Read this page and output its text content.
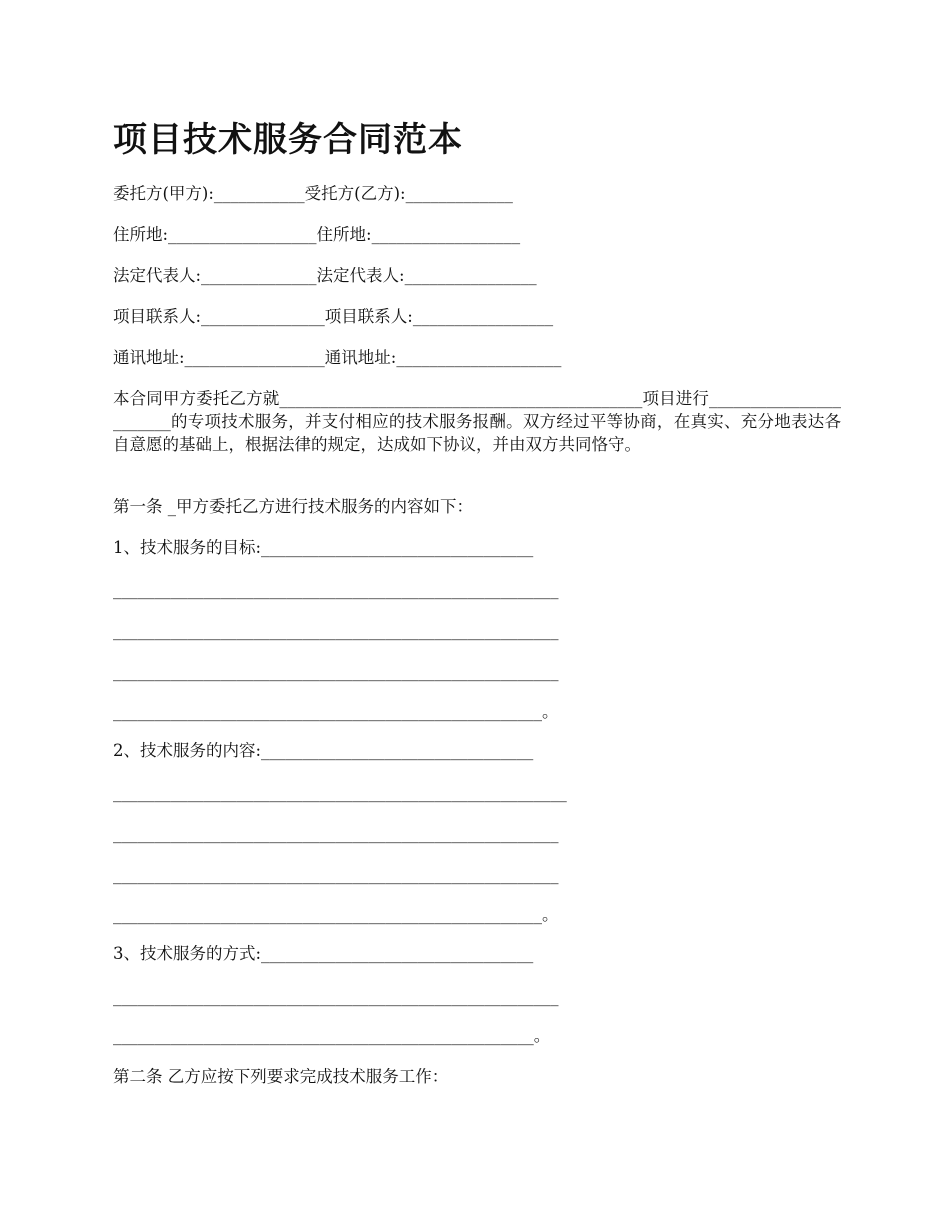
项目技术服务合同范本
委托方(甲方):___________受托方(乙方):_____________
住所地:__________________住所地:__________________
法定代表人:______________法定代表人:________________
项目联系人:_______________项目联系人:_________________
通讯地址:_________________通讯地址:____________________
本合同甲方委托乙方就____________________________________________项目进行_______________________的专项技术服务，并支付相应的技术服务报酬。双方经过平等协商，在真实、充分地表达各自意愿的基础上，根据法律的规定，达成如下协议，并由双方共同恪守。
第一条 _甲方委托乙方进行技术服务的内容如下：
1、技术服务的目标:_________________________________
______________________________________________________
______________________________________________________
______________________________________________________
____________________________________________________。
2、技术服务的内容:_________________________________
_______________________________________________________
______________________________________________________
______________________________________________________
____________________________________________________。
3、技术服务的方式:_________________________________
______________________________________________________
___________________________________________________。
第二条 乙方应按下列要求完成技术服务工作：
